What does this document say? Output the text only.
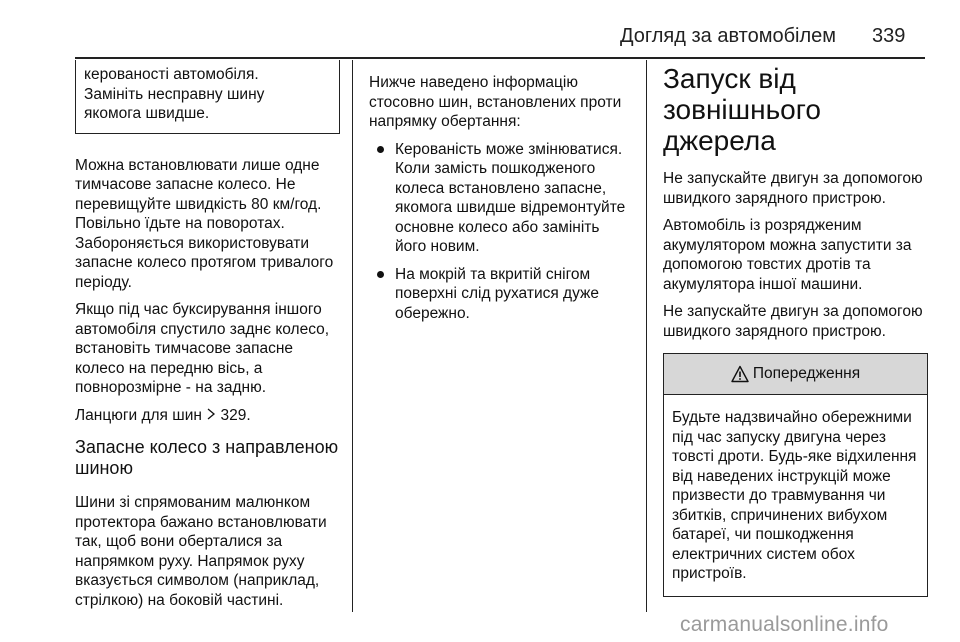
Догляд за автомобілем 339

керованості автомобіля.

Замініть несправну шину

якомога швидше.

Можна встановлювати лише одне тимчасове запасне колесо. Не перевищуйте швидкість 80 км/год. Повільно їдьте на поворотах. Забороняється використовувати запасне колесо протягом тривалого періоду.

Якщо під час буксирування іншого автомобіля спустило заднє колесо, встановіть тимчасове запасне колесо на передню вісь, а повнорозмірне - на задню.

Ланцюги для шин 329.

Запасне колесо з направленою шиною

Шини зі спрямованим малюнком протектора бажано встановлювати так, щоб вони оберталися за напрямком руху. Напрямок руху вказується символом (наприклад, стрілкою) на боковій частині.

Нижче наведено інформацію стосовно шин, встановлених проти напрямку обертання:

Керованість може змінюватися. Коли замість пошкодженого колеса встановлено запасне, якомога швидше відремонтуйте основне колесо або замініть його новим.
На мокрій та вкритій снігом поверхні слід рухатися дуже обережно.

Запуск від
зовнішнього джерела

Не запускайте двигун за допомогою швидкого зарядного пристрою.

Автомобіль із розрядженим акумулятором можна запустити за допомогою товстих дротів та акумулятора іншої машини.

Не запускайте двигун за допомогою швидкого зарядного пристрою.

Попередження
Будьте надзвичайно обережними під час запуску двигуна через товсті дроти. Будь-яке відхилення від наведених інструкцій може призвести до травмування чи збитків, спричинених вибухом батареї, чи пошкодження електричних систем обох пристроїв.
carmanualsonline.info
